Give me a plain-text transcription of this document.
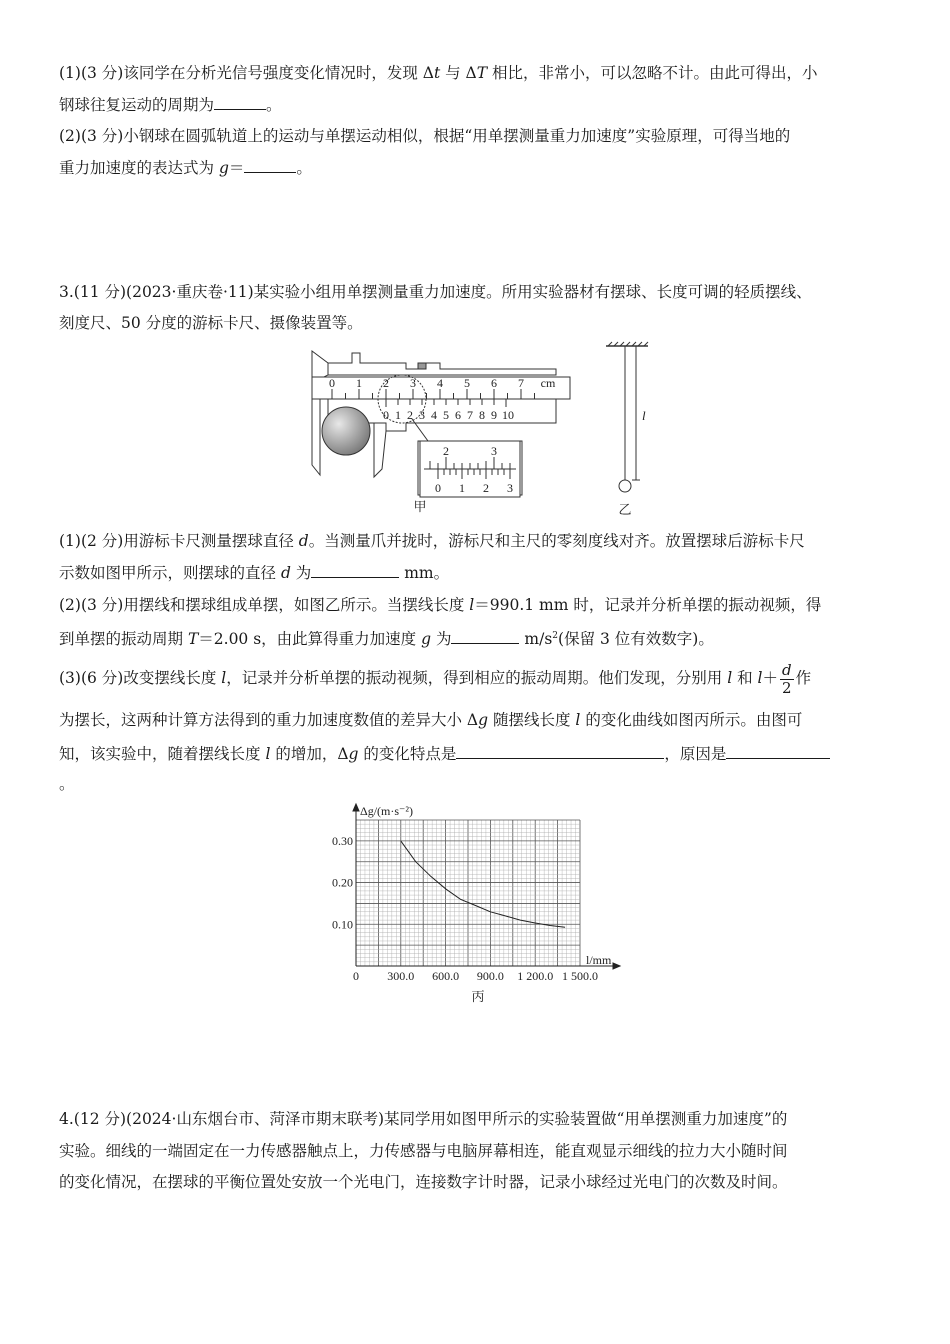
(1)(3 分)该同学在分析光信号强度变化情况时，发现 Δt 与 ΔT 相比，非常小，可以忽略不计。由此可得出，小
钢球往复运动的周期为	。
(2)(3 分)小钢球在圆弧轨道上的运动与单摆运动相似，根据“用单摆测量重力加速度”实验原理，可得当地的
重力加速度的表达式为 g＝	。
3.(11 分)(2023·重庆卷·11)某实验小组用单摆测量重力加速度。所用实验器材有摆球、长度可调的轻质摆线、
刻度尺、50 分度的游标卡尺、摄像装置等。
0 1 2 3 4 5 6 7 cm
0 1 2 3 4 5 6 7 8 9 10
2	3
0 1 2 3
甲
l
乙
(1)(2 分)用游标卡尺测量摆球直径 d。当测量爪并拢时，游标尺和主尺的零刻度线对齐。放置摆球后游标卡尺
示数如图甲所示，则摆球的直径 d 为	mm。
(2)(3 分)用摆线和摆球组成单摆，如图乙所示。当摆线长度 l＝990.1 mm 时，记录并分析单摆的振动视频，得
到单摆的振动周期 T＝2.00 s，由此算得重力加速度 g 为	$m/s^2$(保留 3 位有效数字)。
(3)(6 分)改变摆线长度 l，记录并分析单摆的振动视频，得到相应的振动周期。他们发现，分别用 l 和 $l+ \frac{d}{2}$ 作
为摆长，这两种计算方法得到的重力加速度数值的差异大小 Δg 随摆线长度 l 的变化曲线如图丙所示。由图可
知，该实验中，随着摆线长度 l 的增加，Δg 的变化特点是	，原因是
。
0 300.0 600.0 900.0 1 200.0 1 500.0
0.10
0.20
0.30
Δg/(m·s⁻²)
l/mm
丙
4.(12 分)(2024·山东烟台市、菏泽市期末联考)某同学用如图甲所示的实验装置做“用单摆测重力加速度”的
实验。细线的一端固定在一力传感器触点上，力传感器与电脑屏幕相连，能直观显示细线的拉力大小随时间
的变化情况，在摆球的平衡位置处安放一个光电门，连接数字计时器，记录小球经过光电门的次数及时间。
